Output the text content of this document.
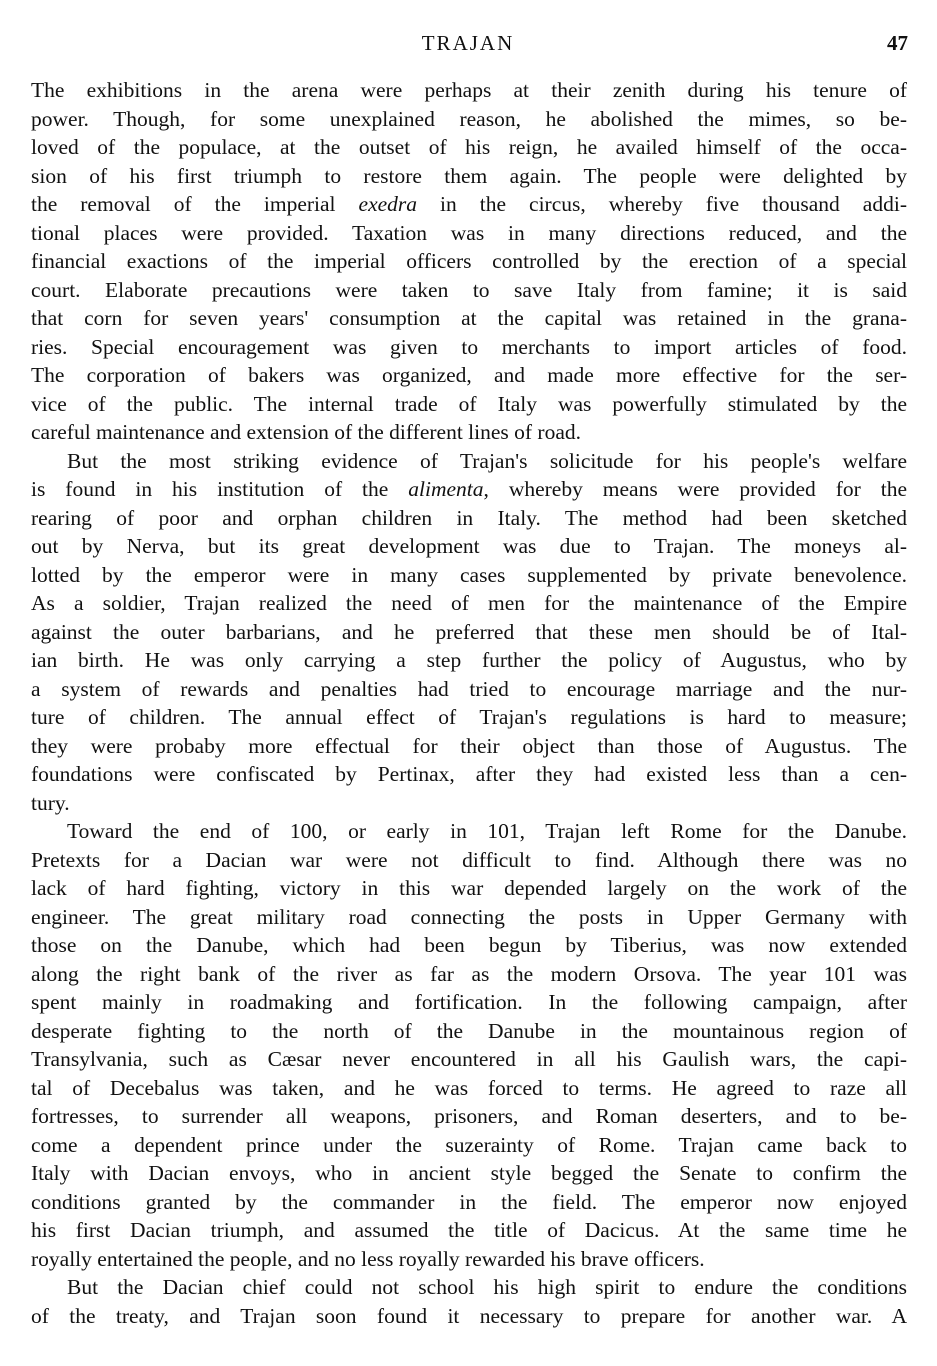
TRAJAN	47
The exhibitions in the arena were perhaps at their zenith during his tenure of
power. Though, for some unexplained reason, he abolished the mimes, so be-
loved of the populace, at the outset of his reign, he availed himself of the occa-
sion of his first triumph to restore them again. The people were delighted by
the removal of the imperial exedra in the circus, whereby five thousand addi-
tional places were provided. Taxation was in many directions reduced, and the
financial exactions of the imperial officers controlled by the erection of a special
court. Elaborate precautions were taken to save Italy from famine; it is said
that corn for seven years' consumption at the capital was retained in the grana-
ries. Special encouragement was given to merchants to import articles of food.
The corporation of bakers was organized, and made more effective for the ser-
vice of the public. The internal trade of Italy was powerfully stimulated by the
careful maintenance and extension of the different lines of road.
But the most striking evidence of Trajan's solicitude for his people's welfare
is found in his institution of the alimenta, whereby means were provided for the
rearing of poor and orphan children in Italy. The method had been sketched
out by Nerva, but its great development was due to Trajan. The moneys al-
lotted by the emperor were in many cases supplemented by private benevolence.
As a soldier, Trajan realized the need of men for the maintenance of the Empire
against the outer barbarians, and he preferred that these men should be of Ital-
ian birth. He was only carrying a step further the policy of Augustus, who by
a system of rewards and penalties had tried to encourage marriage and the nur-
ture of children. The annual effect of Trajan's regulations is hard to measure;
they were probaby more effectual for their object than those of Augustus. The
foundations were confiscated by Pertinax, after they had existed less than a cen-
tury.
Toward the end of 100, or early in 101, Trajan left Rome for the Danube.
Pretexts for a Dacian war were not difficult to find. Although there was no
lack of hard fighting, victory in this war depended largely on the work of the
engineer. The great military road connecting the posts in Upper Germany with
those on the Danube, which had been begun by Tiberius, was now extended
along the right bank of the river as far as the modern Orsova. The year 101 was
spent mainly in roadmaking and fortification. In the following campaign, after
desperate fighting to the north of the Danube in the mountainous region of
Transylvania, such as Cæsar never encountered in all his Gaulish wars, the capi-
tal of Decebalus was taken, and he was forced to terms. He agreed to raze all
fortresses, to surrender all weapons, prisoners, and Roman deserters, and to be-
come a dependent prince under the suzerainty of Rome. Trajan came back to
Italy with Dacian envoys, who in ancient style begged the Senate to confirm the
conditions granted by the commander in the field. The emperor now enjoyed
his first Dacian triumph, and assumed the title of Dacicus. At the same time he
royally entertained the people, and no less royally rewarded his brave officers.
But the Dacian chief could not school his high spirit to endure the conditions
of the treaty, and Trajan soon found it necessary to prepare for another war. A
